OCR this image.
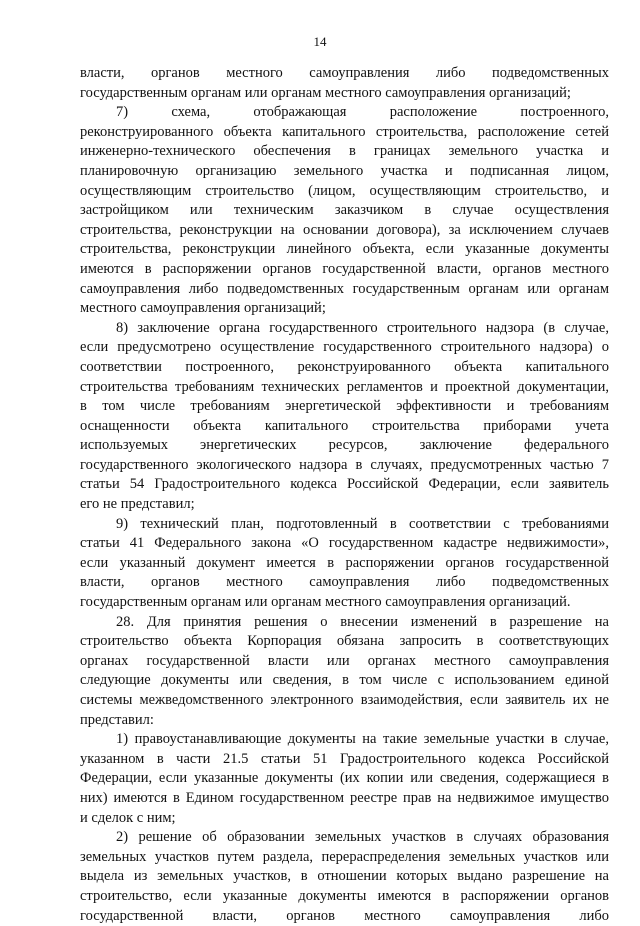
14
власти, органов местного самоуправления либо подведомственных
государственным органам или органам местного самоуправления организаций;
7) схема, отображающая расположение построенного,
реконструированного объекта капитального строительства, расположение сетей
инженерно-технического обеспечения в границах земельного участка и
планировочную организацию земельного участка и подписанная лицом,
осуществляющим строительство (лицом, осуществляющим строительство, и
застройщиком или техническим заказчиком в случае осуществления
строительства, реконструкции на основании договора), за исключением случаев
строительства, реконструкции линейного объекта, если указанные документы
имеются в распоряжении органов государственной власти, органов местного
самоуправления либо подведомственных государственным органам или органам
местного самоуправления организаций;
8) заключение органа государственного строительного надзора (в случае,
если предусмотрено осуществление государственного строительного надзора) о
соответствии построенного, реконструированного объекта капитального
строительства требованиям технических регламентов и проектной документации,
в том числе требованиям энергетической эффективности и требованиям
оснащенности объекта капитального строительства приборами учета
используемых энергетических ресурсов, заключение федерального
государственного экологического надзора в случаях, предусмотренных частью 7
статьи 54 Градостроительного кодекса Российской Федерации, если заявитель
его не представил;
9) технический план, подготовленный в соответствии с требованиями
статьи 41 Федерального закона «О государственном кадастре недвижимости»,
если указанный документ имеется в распоряжении органов государственной
власти, органов местного самоуправления либо подведомственных
государственным органам или органам местного самоуправления организаций.
28. Для принятия решения о внесении изменений в разрешение на
строительство объекта Корпорация обязана запросить в соответствующих
органах государственной власти или органах местного самоуправления
следующие документы или сведения, в том числе с использованием единой
системы межведомственного электронного взаимодействия, если заявитель их не
представил:
1) правоустанавливающие документы на такие земельные участки в случае,
указанном в части 21.5 статьи 51 Градостроительного кодекса Российской
Федерации, если указанные документы (их копии или сведения, содержащиеся в
них) имеются в Едином государственном реестре прав на недвижимое имущество
и сделок с ним;
2) решение об образовании земельных участков в случаях образования
земельных участков путем раздела, перераспределения земельных участков или
выдела из земельных участков, в отношении которых выдано разрешение на
строительство, если указанные документы имеются в распоряжении органов
государственной власти, органов местного самоуправления либо
